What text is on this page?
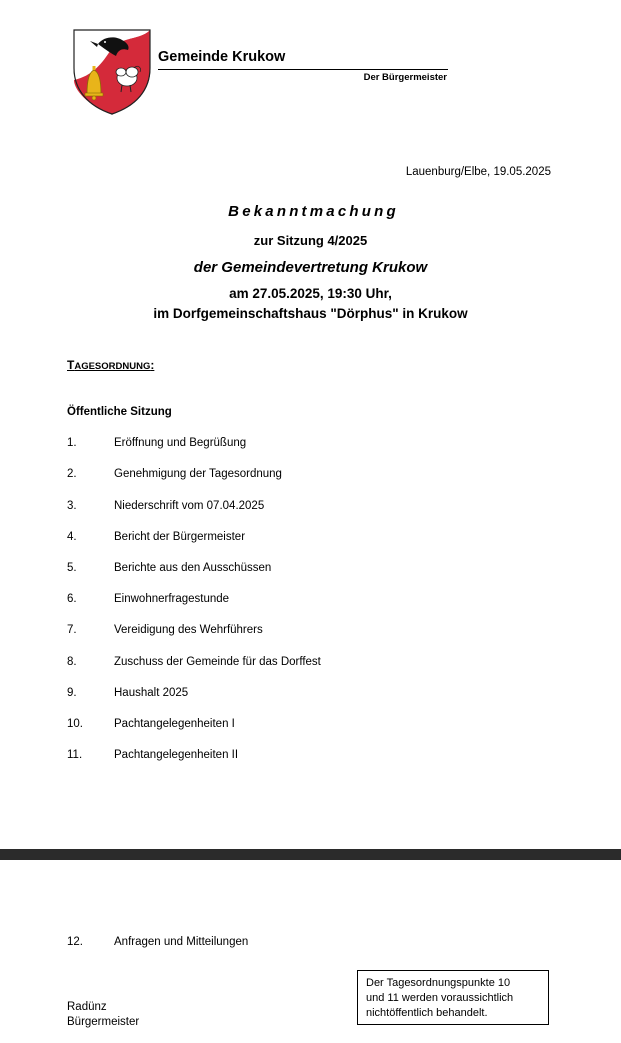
Gemeinde Krukow
Der Bürgermeister
Lauenburg/Elbe, 19.05.2025
Bekanntmachung
zur Sitzung 4/2025
der Gemeindevertretung Krukow
am 27.05.2025, 19:30 Uhr,
im Dorfgemeinschaftshaus "Dörphus" in Krukow
TAGESORDNUNG:
Öffentliche Sitzung
1.	Eröffnung und Begrüßung
2.	Genehmigung der Tagesordnung
3.	Niederschrift vom 07.04.2025
4.	Bericht der Bürgermeister
5.	Berichte aus den Ausschüssen
6.	Einwohnerfragestunde
7.	Vereidigung des Wehrführers
8.	Zuschuss der Gemeinde für das Dorffest
9.	Haushalt 2025
10.	Pachtangelegenheiten I
11.	Pachtangelegenheiten II
12.	Anfragen und Mitteilungen
Radünz
Bürgermeister
Der Tagesordnungspunkte 10
und 11 werden voraussichtlich
nichtöffentlich behandelt.
